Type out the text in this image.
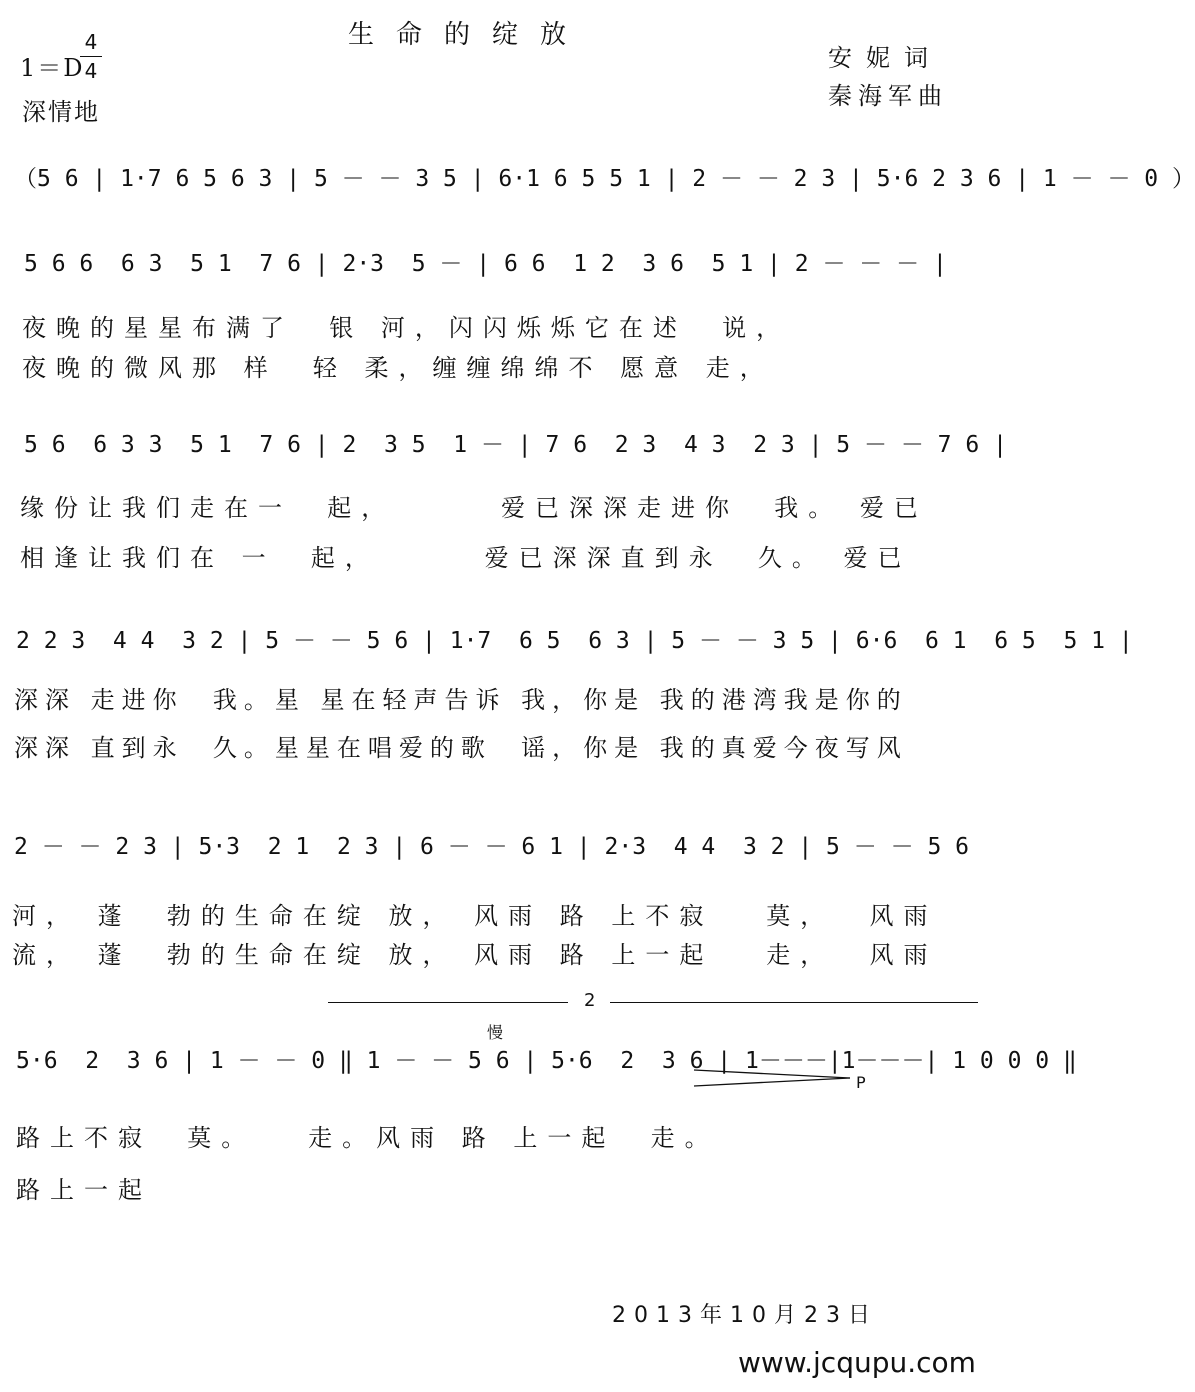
生命的绽放
1＝D
4
4
深情地
安妮词
秦海军曲
（5 6 | 1·7 6 5 6 3 | 5 － － 3 5 | 6·1 6 5 5 1 | 2 － － 2 3 | 5·6 2 3 6 | 1 － － 0 ）
5 6 6  6 3  5 1  7 6 | 2·3  5 － | 6 6  1 2  3 6  5 1 | 2 － － － |
夜晚的星星布满了  银 河，闪闪烁烁它在述  说，
夜晚的微风那 样  轻 柔，缠缠绵绵不 愿意 走，
5 6  6 3 3  5 1  7 6 | 2  3 5  1 － | 7 6  2 3  4 3  2 3 | 5 － － 7 6 |
缘份让我们走在一  起，      爱已深深走进你  我。 爱已
相逢让我们在 一  起，      爱已深深直到永  久。 爱已
2 2 3  4 4  3 2 | 5 － － 5 6 | 1·7  6 5  6 3 | 5 － － 3 5 | 6·6  6 1  6 5  5 1 |
深深 走进你  我。星 星在轻声告诉 我，你是 我的港湾我是你的
深深 直到永  久。星星在唱爱的歌  谣，你是 我的真爱今夜写风
2 － － 2 3 | 5·3  2 1  2 3 | 6 － － 6 1 | 2·3  4 4  3 2 | 5 － － 5 6
河， 蓬  勃的生命在绽 放， 风雨 路 上不寂   莫，  风雨
流， 蓬  勃的生命在绽 放， 风雨 路 上一起   走，  风雨
2
慢
5·6  2  3 6 | 1 － － 0 ‖ 1 － － 5 6 | 5·6  2  3 6 | 1－－－|1－－－| 1 0 0 0 ‖
P
路上不寂  莫。   走。风雨 路 上一起  走。
路上一起
2013年10月23日
www.jcqupu.com
